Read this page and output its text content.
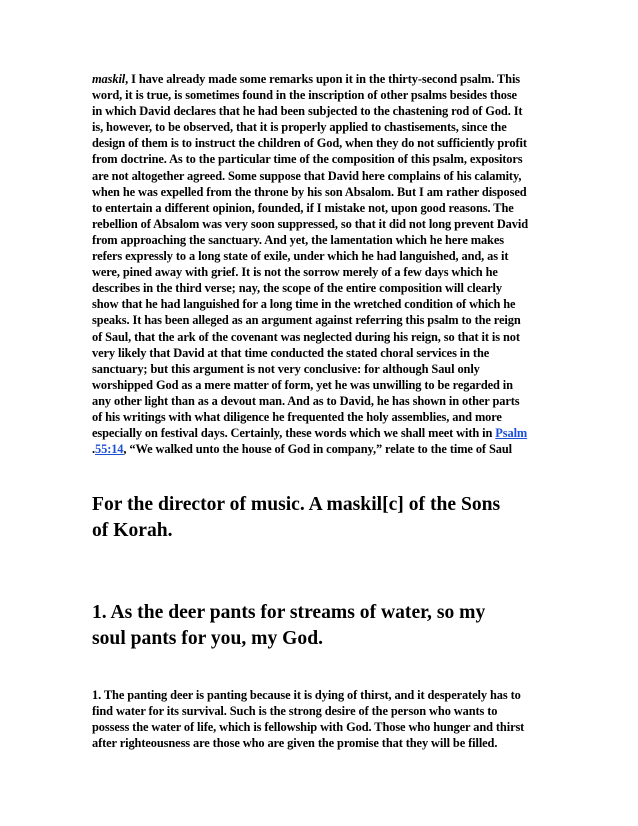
maskil, I have already made some remarks upon it in the thirty-second psalm. This
word, it is true, is sometimes found in the inscription of other psalms besides those
in which David declares that he had been subjected to the chastening rod of God. It
is, however, to be observed, that it is properly applied to chastisements, since the
design of them is to instruct the children of God, when they do not sufficiently profit
from doctrine. As to the particular time of the composition of this psalm, expositors
are not altogether agreed. Some suppose that David here complains of his calamity,
when he was expelled from the throne by his son Absalom. But I am rather disposed
to entertain a different opinion, founded, if I mistake not, upon good reasons. The
rebellion of Absalom was very soon suppressed, so that it did not long prevent David
from approaching the sanctuary. And yet, the lamentation which he here makes
refers expressly to a long state of exile, under which he had languished, and, as it
were, pined away with grief. It is not the sorrow merely of a few days which he
describes in the third verse; nay, the scope of the entire composition will clearly
show that he had languished for a long time in the wretched condition of which he
speaks. It has been alleged as an argument against referring this psalm to the reign
of Saul, that the ark of the covenant was neglected during his reign, so that it is not
very likely that David at that time conducted the stated choral services in the
sanctuary; but this argument is not very conclusive: for although Saul only
worshipped God as a mere matter of form, yet he was unwilling to be regarded in
any other light than as a devout man. And as to David, he has shown in other parts
of his writings with what diligence he frequented the holy assemblies, and more
especially on festival days. Certainly, these words which we shall meet with in Psalm
.55:14, “We walked unto the house of God in company,” relate to the time of Saul
For the director of music. A maskil[c] of the Sons
of Korah.
1. As the deer pants for streams of water, so my
soul pants for you, my God.
1. The panting deer is panting because it is dying of thirst, and it desperately has to
find water for its survival. Such is the strong desire of the person who wants to
possess the water of life, which is fellowship with God. Those who hunger and thirst
after righteousness are those who are given the promise that they will be filled.
